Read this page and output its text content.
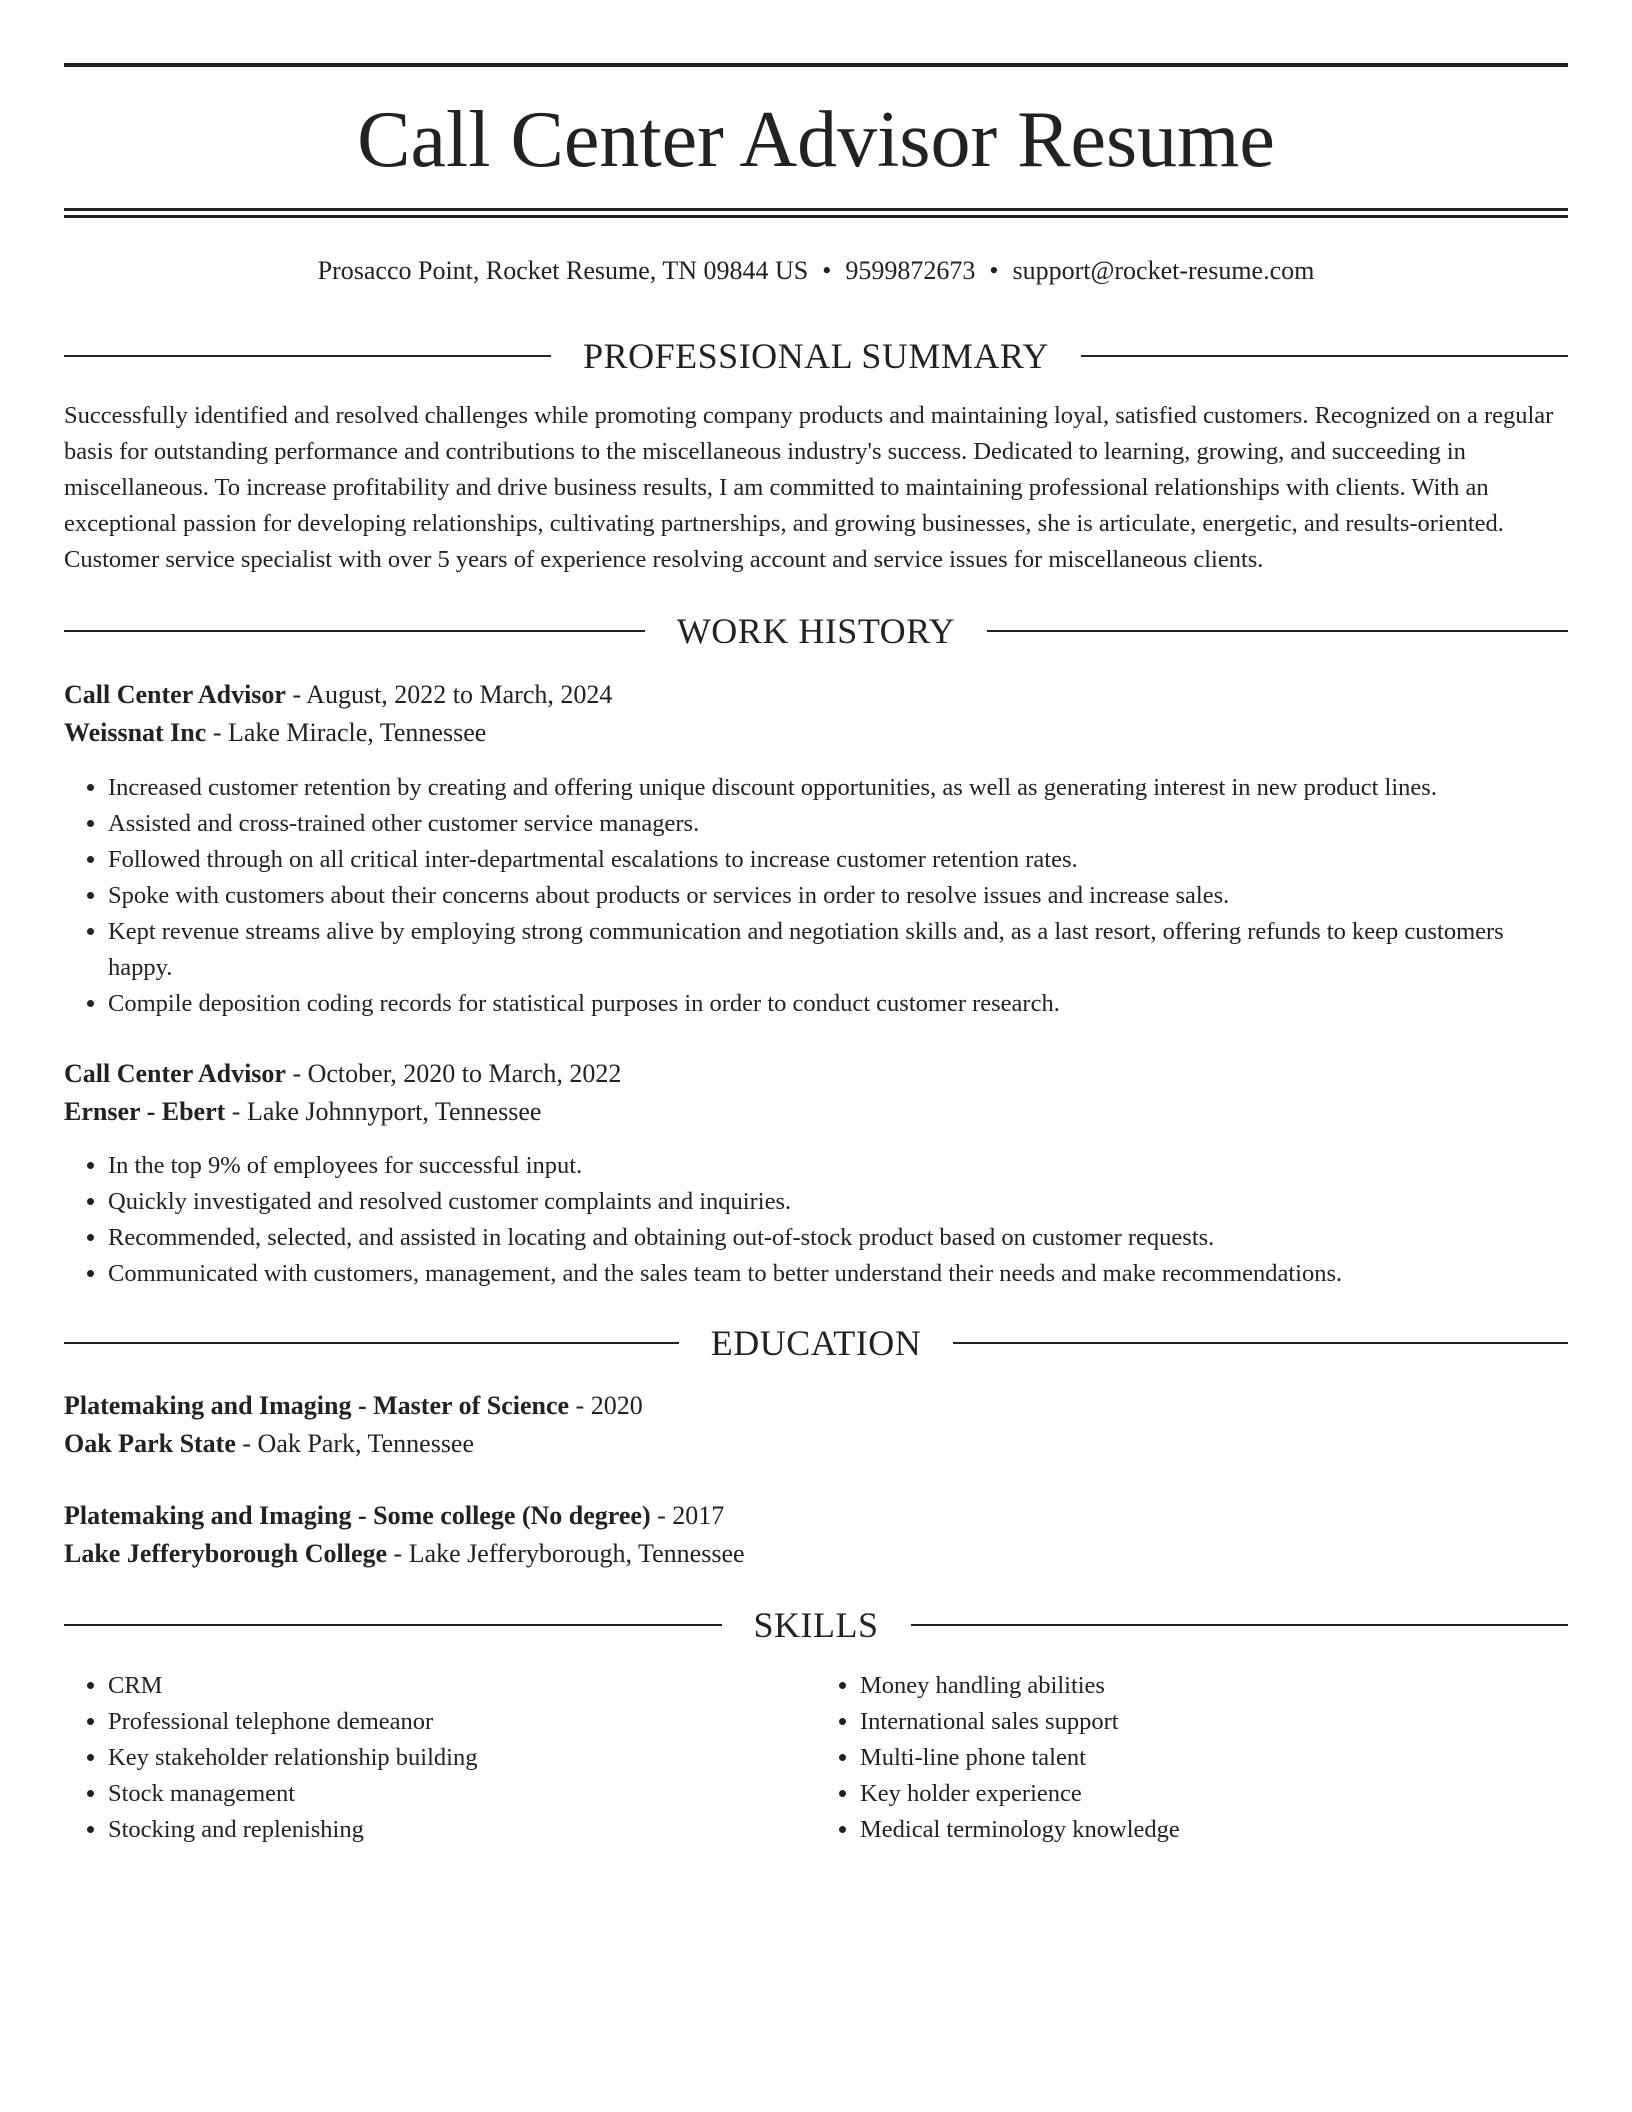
Call Center Advisor Resume
Prosacco Point, Rocket Resume, TN 09844 US • 9599872673 • support@rocket-resume.com
PROFESSIONAL SUMMARY

Successfully identified and resolved challenges while promoting company products and maintaining loyal, satisfied customers. Recognized on a regular basis for outstanding performance and contributions to the miscellaneous industry's success. Dedicated to learning, growing, and succeeding in miscellaneous. To increase profitability and drive business results, I am committed to maintaining professional relationships with clients. With an exceptional passion for developing relationships, cultivating partnerships, and growing businesses, she is articulate, energetic, and results-oriented. Customer service specialist with over 5 years of experience resolving account and service issues for miscellaneous clients.

WORK HISTORY
Call Center Advisor - August, 2022 to March, 2024
Weissnat Inc - Lake Miracle, Tennessee
• Increased customer retention by creating and offering unique discount opportunities, as well as generating interest in new product lines.
• Assisted and cross-trained other customer service managers.
• Followed through on all critical inter-departmental escalations to increase customer retention rates.
• Spoke with customers about their concerns about products or services in order to resolve issues and increase sales.
• Kept revenue streams alive by employing strong communication and negotiation skills and, as a last resort, offering refunds to keep customers happy.
• Compile deposition coding records for statistical purposes in order to conduct customer research.
Call Center Advisor - October, 2020 to March, 2022
Ernser - Ebert - Lake Johnnyport, Tennessee
• In the top 9% of employees for successful input.
• Quickly investigated and resolved customer complaints and inquiries.
• Recommended, selected, and assisted in locating and obtaining out-of-stock product based on customer requests.
• Communicated with customers, management, and the sales team to better understand their needs and make recommendations.
EDUCATION
Platemaking and Imaging - Master of Science - 2020
Oak Park State - Oak Park, Tennessee
Platemaking and Imaging - Some college (No degree) - 2017
Lake Jefferyborough College - Lake Jefferyborough, Tennessee
SKILLS
• CRM
• Professional telephone demeanor
• Key stakeholder relationship building
• Stock management
• Stocking and replenishing
• Money handling abilities
• International sales support
• Multi-line phone talent
• Key holder experience
• Medical terminology knowledge
